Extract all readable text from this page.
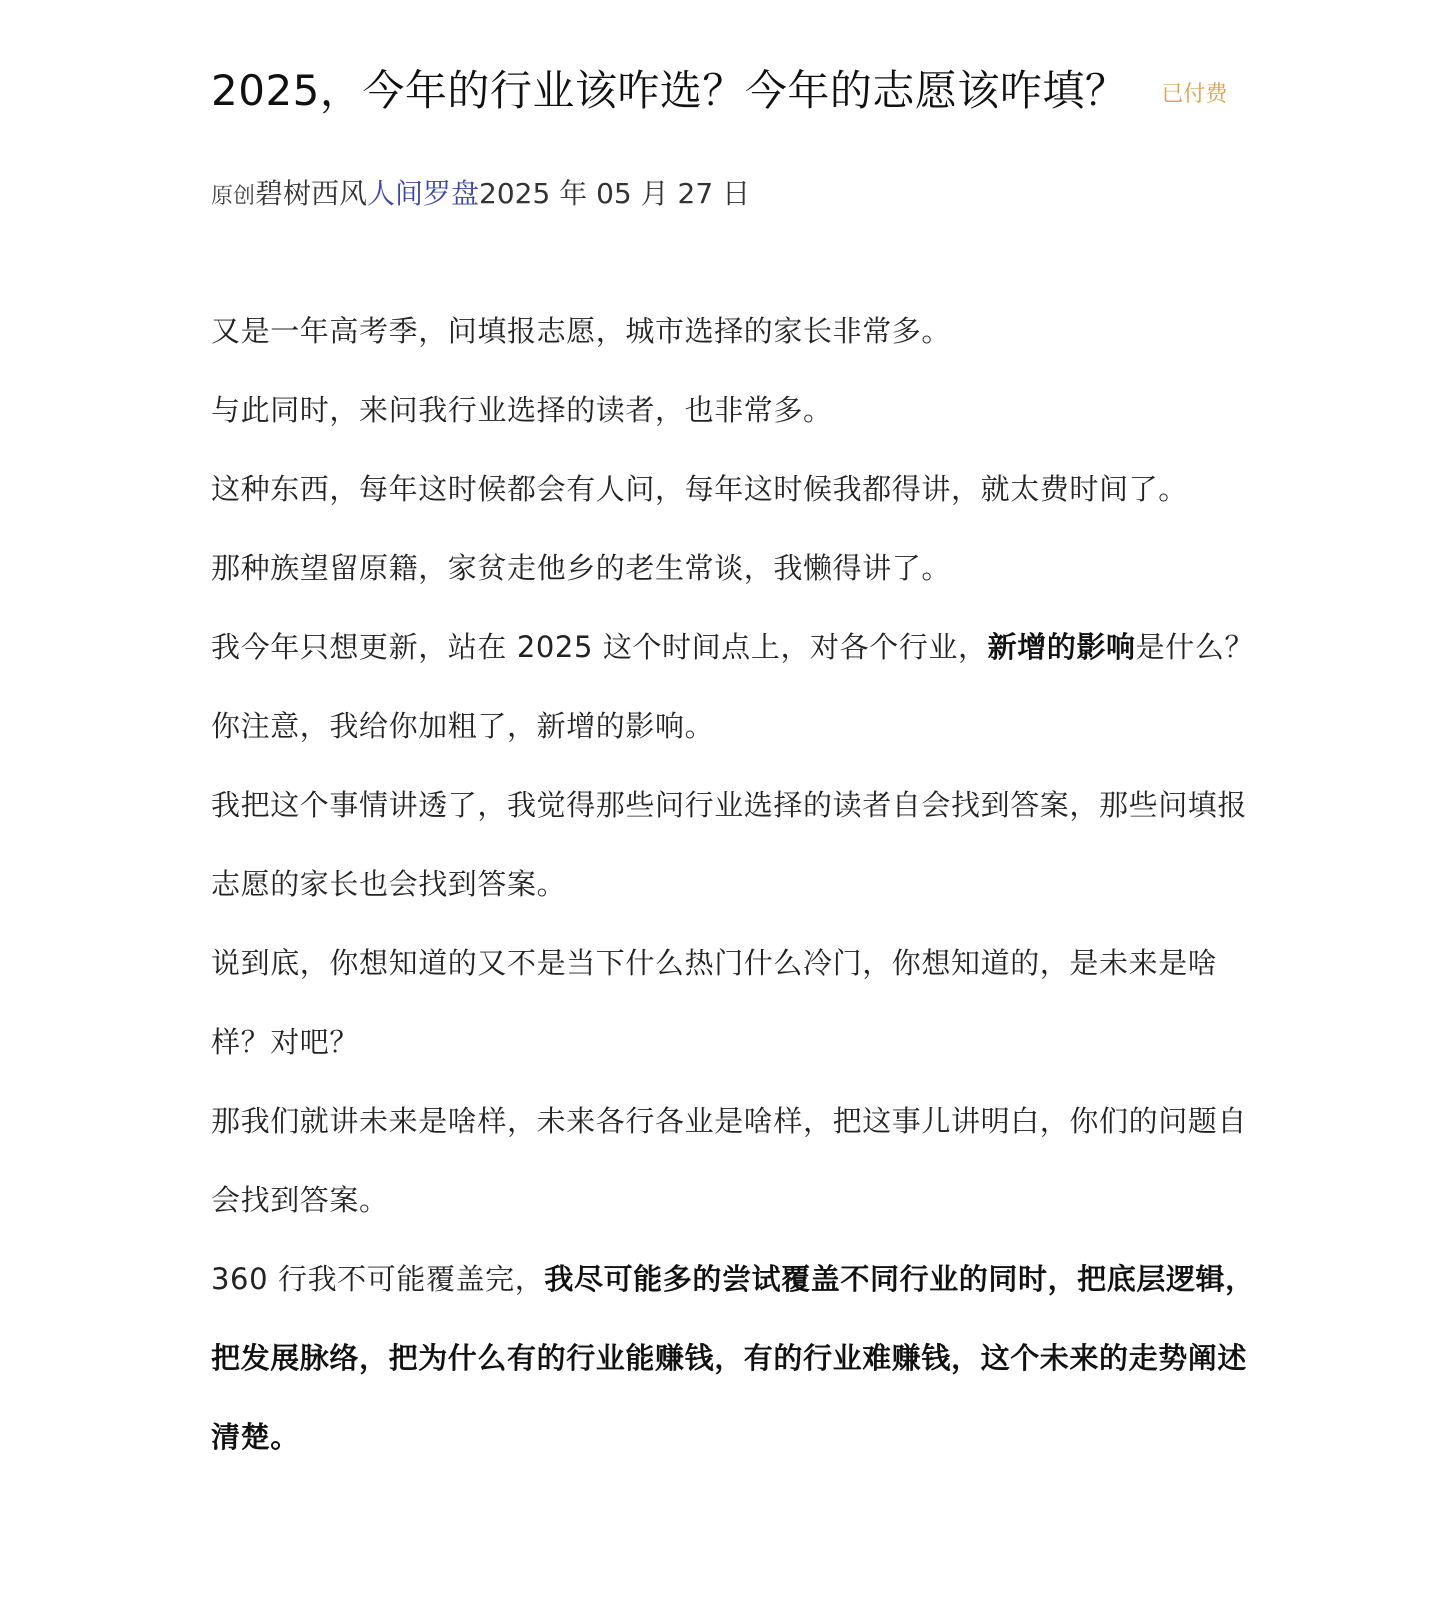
2025，今年的行业该咋选？今年的志愿该咋填？ 已付费
原创碧树西风人间罗盘2025 年 05 月 27 日

又是一年高考季，问填报志愿，城市选择的家长非常多。

与此同时，来问我行业选择的读者，也非常多。

这种东西，每年这时候都会有人问，每年这时候我都得讲，就太费时间了。

那种族望留原籍，家贫走他乡的老生常谈，我懒得讲了。

我今年只想更新，站在 2025 这个时间点上，对各个行业，新增的影响是什么？

你注意，我给你加粗了，新增的影响。

我把这个事情讲透了，我觉得那些问行业选择的读者自会找到答案，那些问填报志愿的家长也会找到答案。

说到底，你想知道的又不是当下什么热门什么冷门，你想知道的，是未来是啥样？对吧？

那我们就讲未来是啥样，未来各行各业是啥样，把这事儿讲明白，你们的问题自会找到答案。

360 行我不可能覆盖完，我尽可能多的尝试覆盖不同行业的同时，把底层逻辑，把发展脉络，把为什么有的行业能赚钱，有的行业难赚钱，这个未来的走势阐述清楚。
